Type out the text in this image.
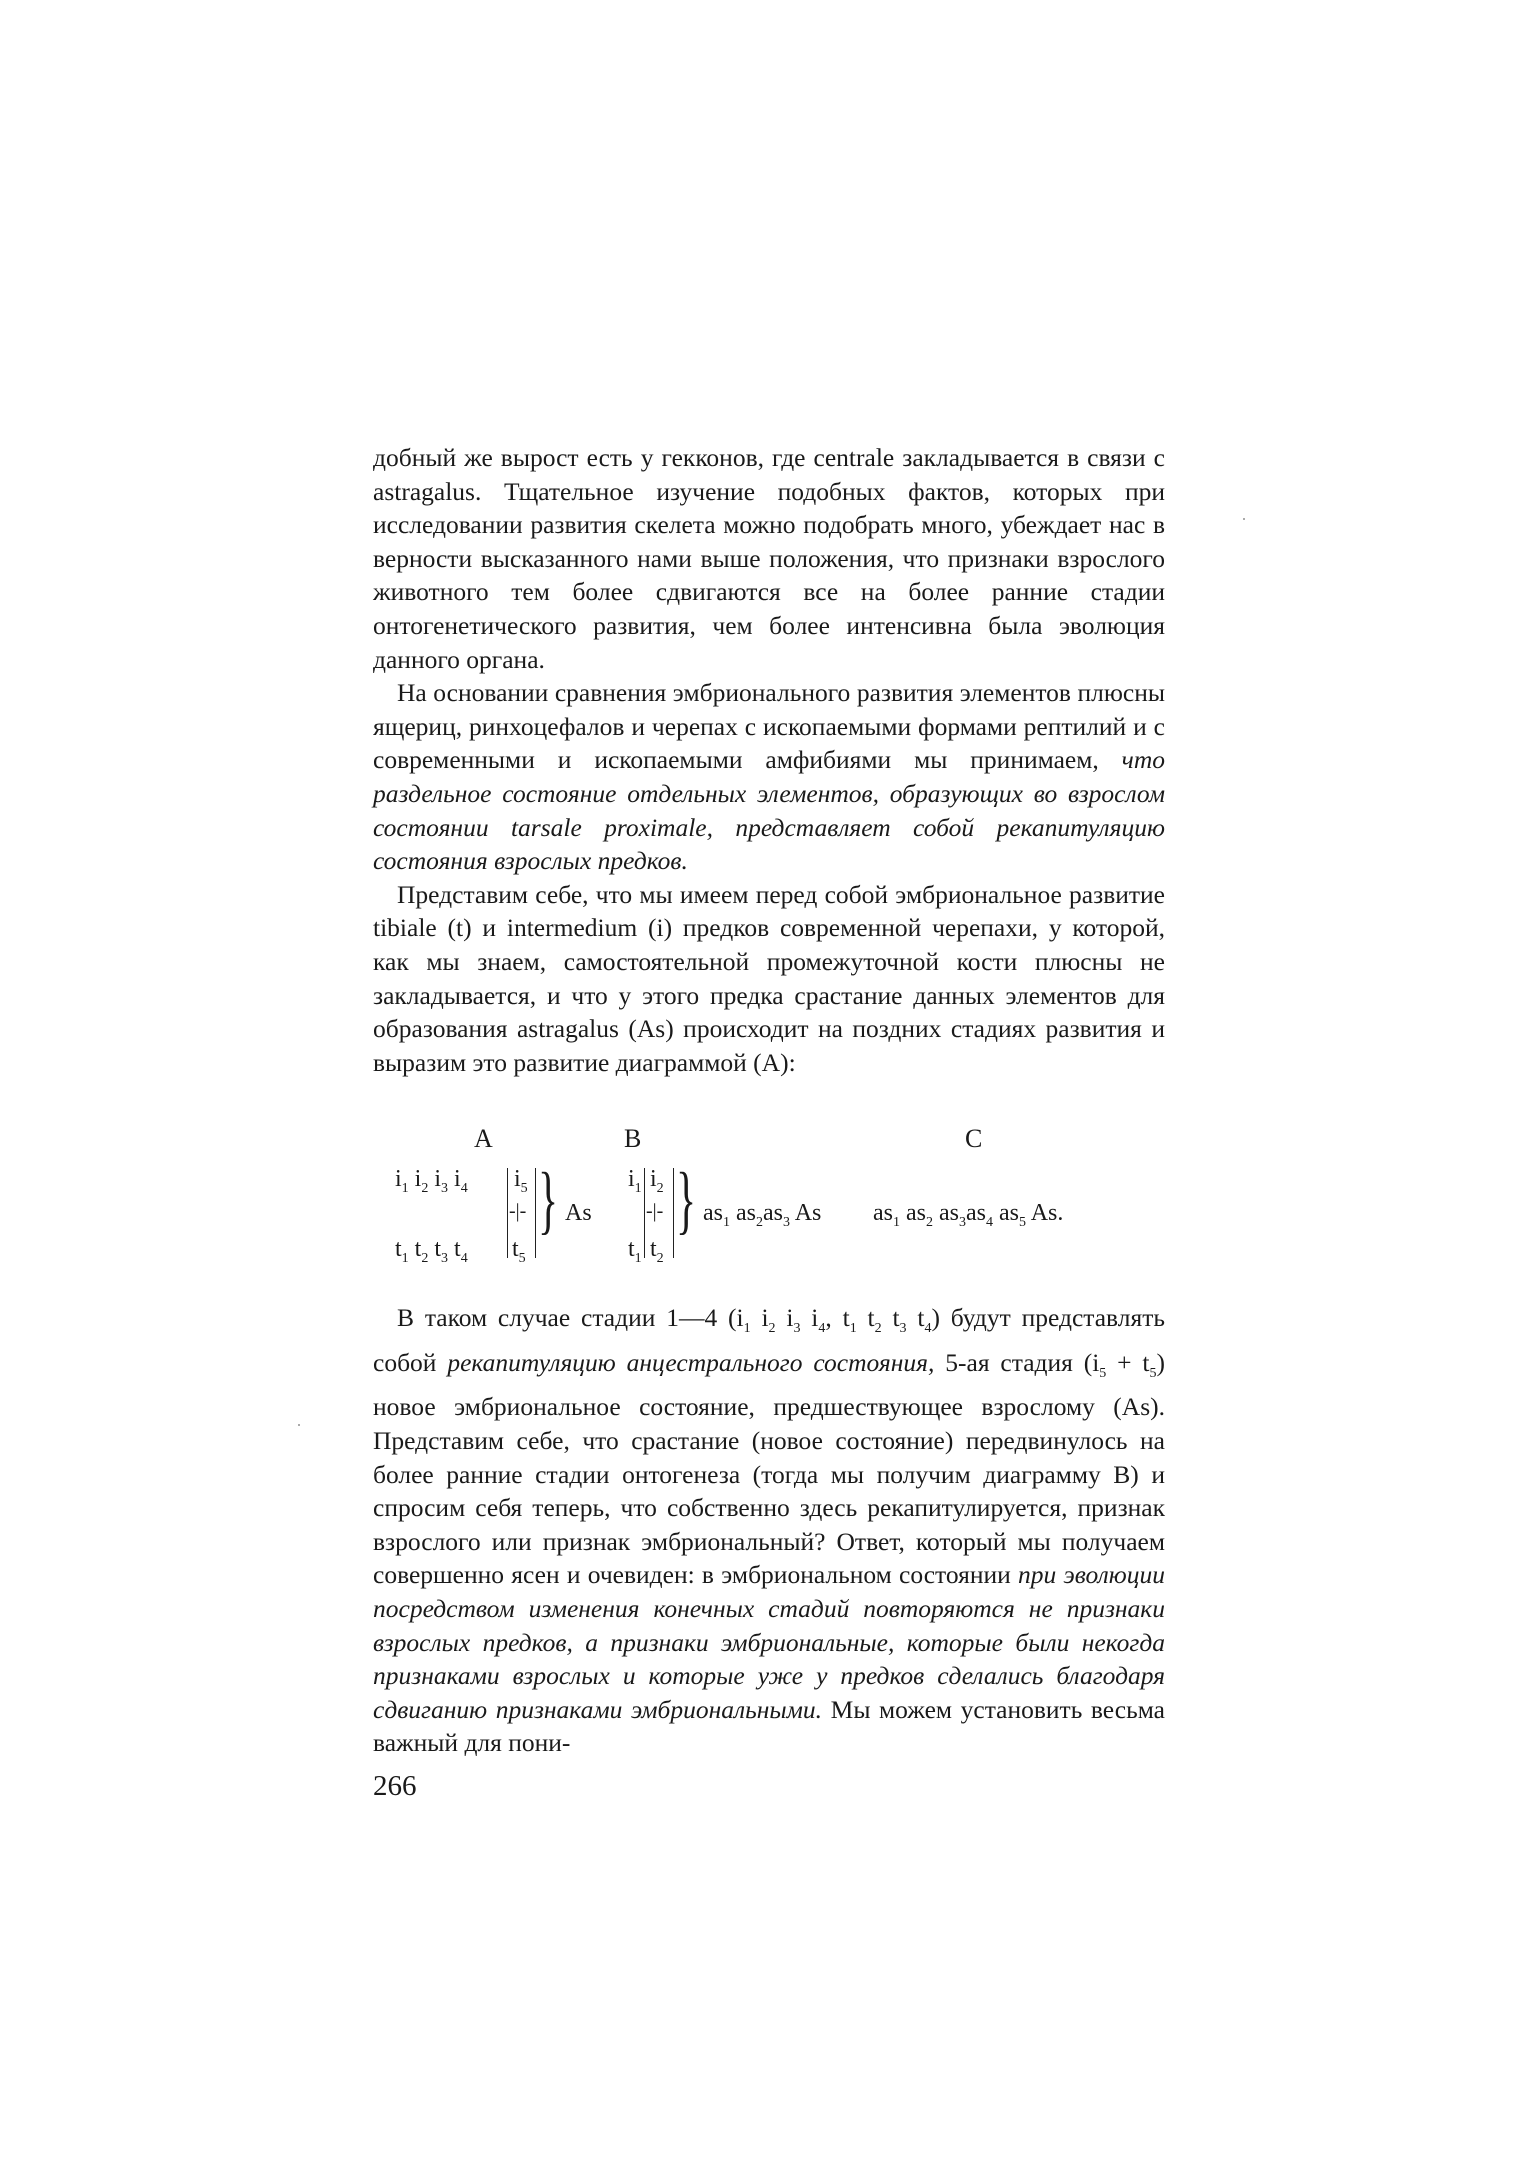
добный же вырост есть у гекконов, где centrale закладывается в связи с astragalus. Тщательное изучение подобных фактов, которых при исследовании развития скелета можно подобрать много, убеждает нас в верности высказанного нами выше положения, что признаки взрослого животного тем более сдвигаются все на более ранние стадии онтогенетического развития, чем более интенсивна была эволюция данного органа.
На основании сравнения эмбрионального развития элементов плюсны ящериц, ринхоцефалов и черепах с ископаемыми формами рептилий и с современными и ископаемыми амфибиями мы принимаем, что раздельное состояние отдельных элементов, образующих во взрослом состоянии tarsale proximale, представляет собой рекапитуляцию состояния взрослых предков.
Представим себе, что мы имеем перед собой эмбриональное развитие tibiale (t) и intermedium (i) предков современной черепахи, у которой, как мы знаем, самостоятельной промежуточной кости плюсны не закладывается, и что у этого предка срастание данных элементов для образования astragalus (As) происходит на поздних стадиях развития и выразим это развитие диаграммой (A):
A	B	C
$i_1$ $i_2$ $i_3$ $i_4$ $i_5$
-|-
$t_5$
} As
$t_1$ $t_2$ $t_3$ $t_4$
$i_1$ $i_2$
-|-
$t_1$ $t_2$
} $as_1$ $as_2as_3$ As $as_1$ $as_2$ $as_3as_4$ $as_5$ As.
В таком случае стадии 1—4 ($i_1$ $i_2$ $i_3$ $i_4$, $t_1$ $t_2$ $t_3$ $t_4$) будут представлять собой рекапитуляцию анцестрального состояния, 5-ая стадия $(i_5 + t_5)$ новое эмбриональное состояние, предшествующее взрослому (As). Представим себе, что срастание (новое состояние) передвинулось на более ранние стадии онтогенеза (тогда мы получим диаграмму B) и спросим себя теперь, что собственно здесь рекапитулируется, признак взрослого или признак эмбриональный? Ответ, который мы получаем совершенно ясен и очевиден: в эмбриональном состоянии при эволюции посредством изменения конечных стадий повторяются не признаки взрослых предков, а признаки эмбриональные, которые были некогда признаками взрослых и которые уже у предков сделались благодаря сдвиганию признаками эмбриональными. Мы можем установить весьма важный для пони-
266
